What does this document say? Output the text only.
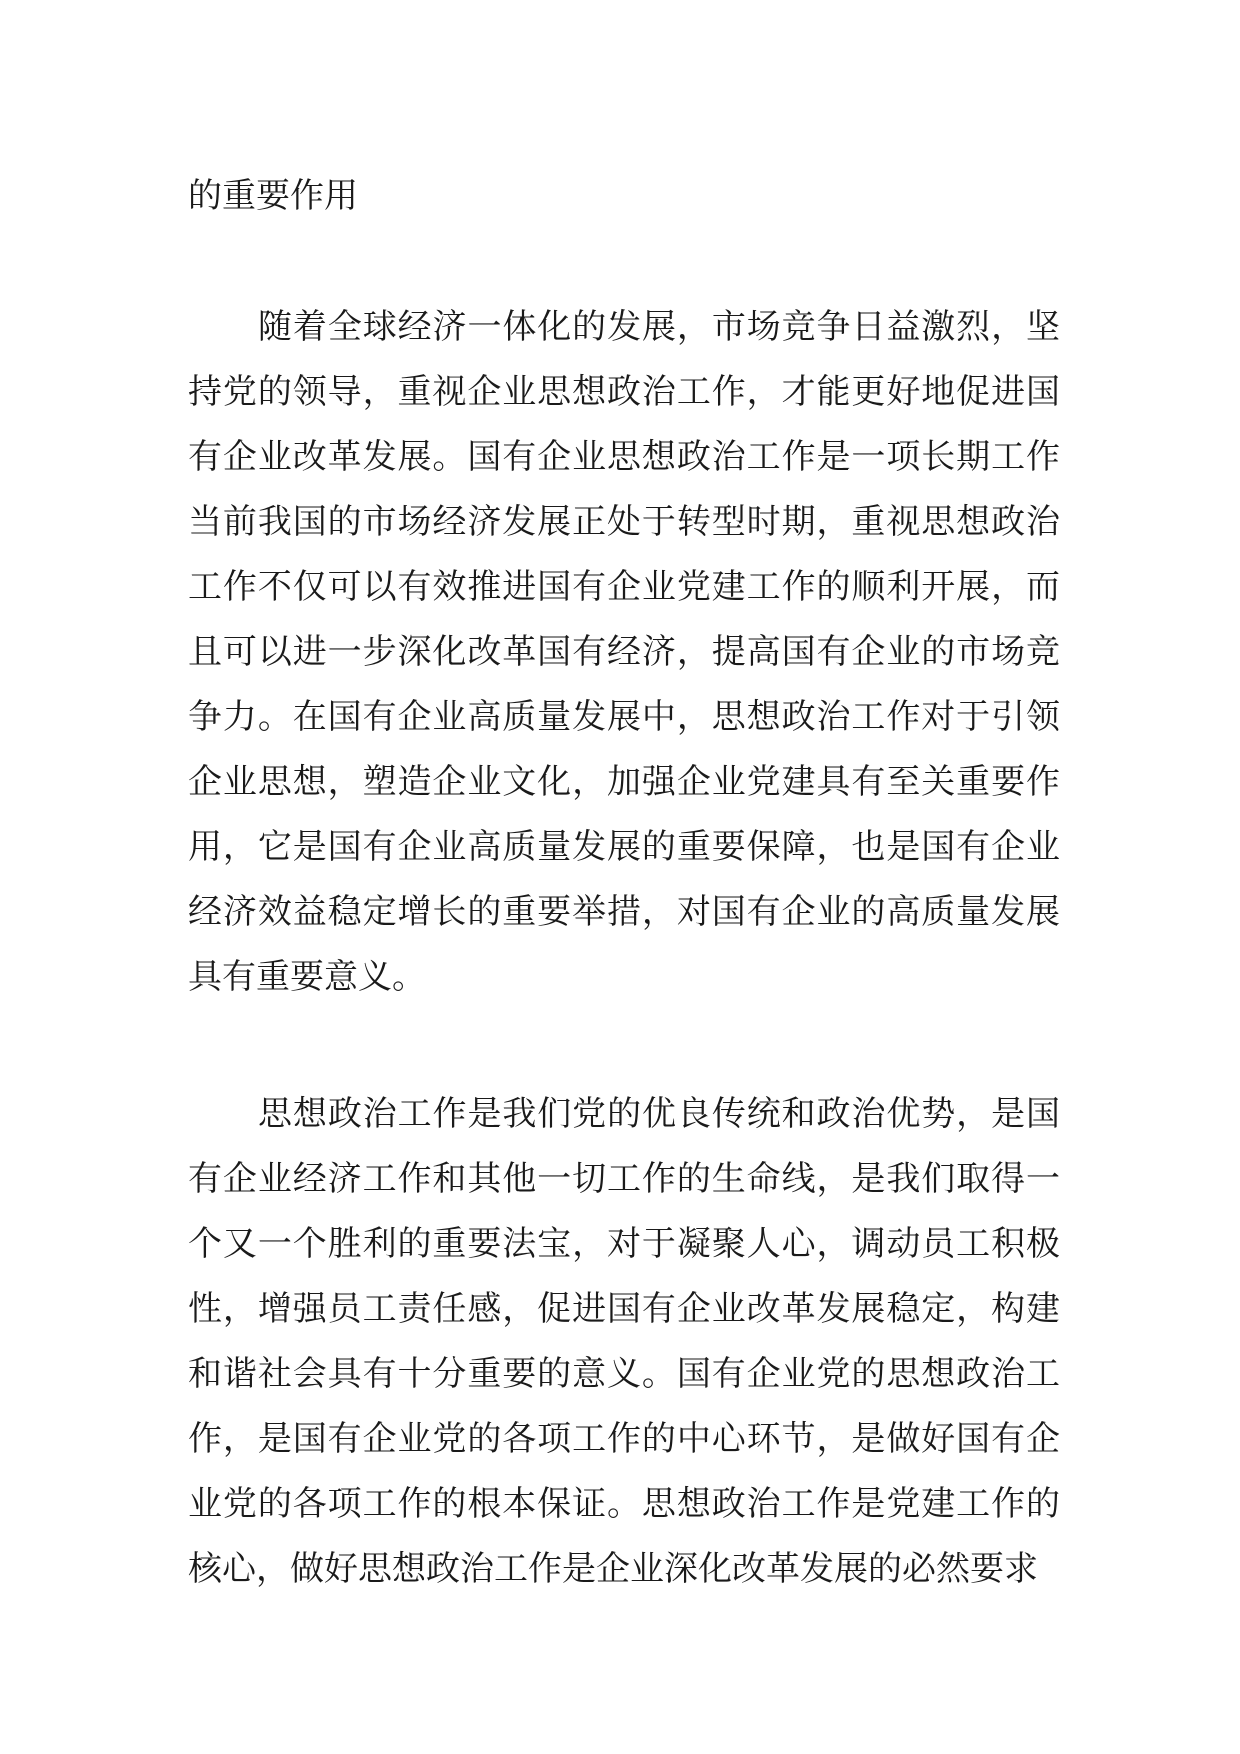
的重要作用
随着全球经济一体化的发展，市场竞争日益激烈，坚
持党的领导，重视企业思想政治工作，才能更好地促进国
有企业改革发展。国有企业思想政治工作是一项长期工作
当前我国的市场经济发展正处于转型时期，重视思想政治
工作不仅可以有效推进国有企业党建工作的顺利开展，而
且可以进一步深化改革国有经济，提高国有企业的市场竞
争力。在国有企业高质量发展中，思想政治工作对于引领
企业思想，塑造企业文化，加强企业党建具有至关重要作
用，它是国有企业高质量发展的重要保障，也是国有企业
经济效益稳定增长的重要举措，对国有企业的高质量发展
具有重要意义。
思想政治工作是我们党的优良传统和政治优势，是国
有企业经济工作和其他一切工作的生命线，是我们取得一
个又一个胜利的重要法宝，对于凝聚人心，调动员工积极
性，增强员工责任感，促进国有企业改革发展稳定，构建
和谐社会具有十分重要的意义。国有企业党的思想政治工
作，是国有企业党的各项工作的中心环节，是做好国有企
业党的各项工作的根本保证。思想政治工作是党建工作的
核心，做好思想政治工作是企业深化改革发展的必然要求
